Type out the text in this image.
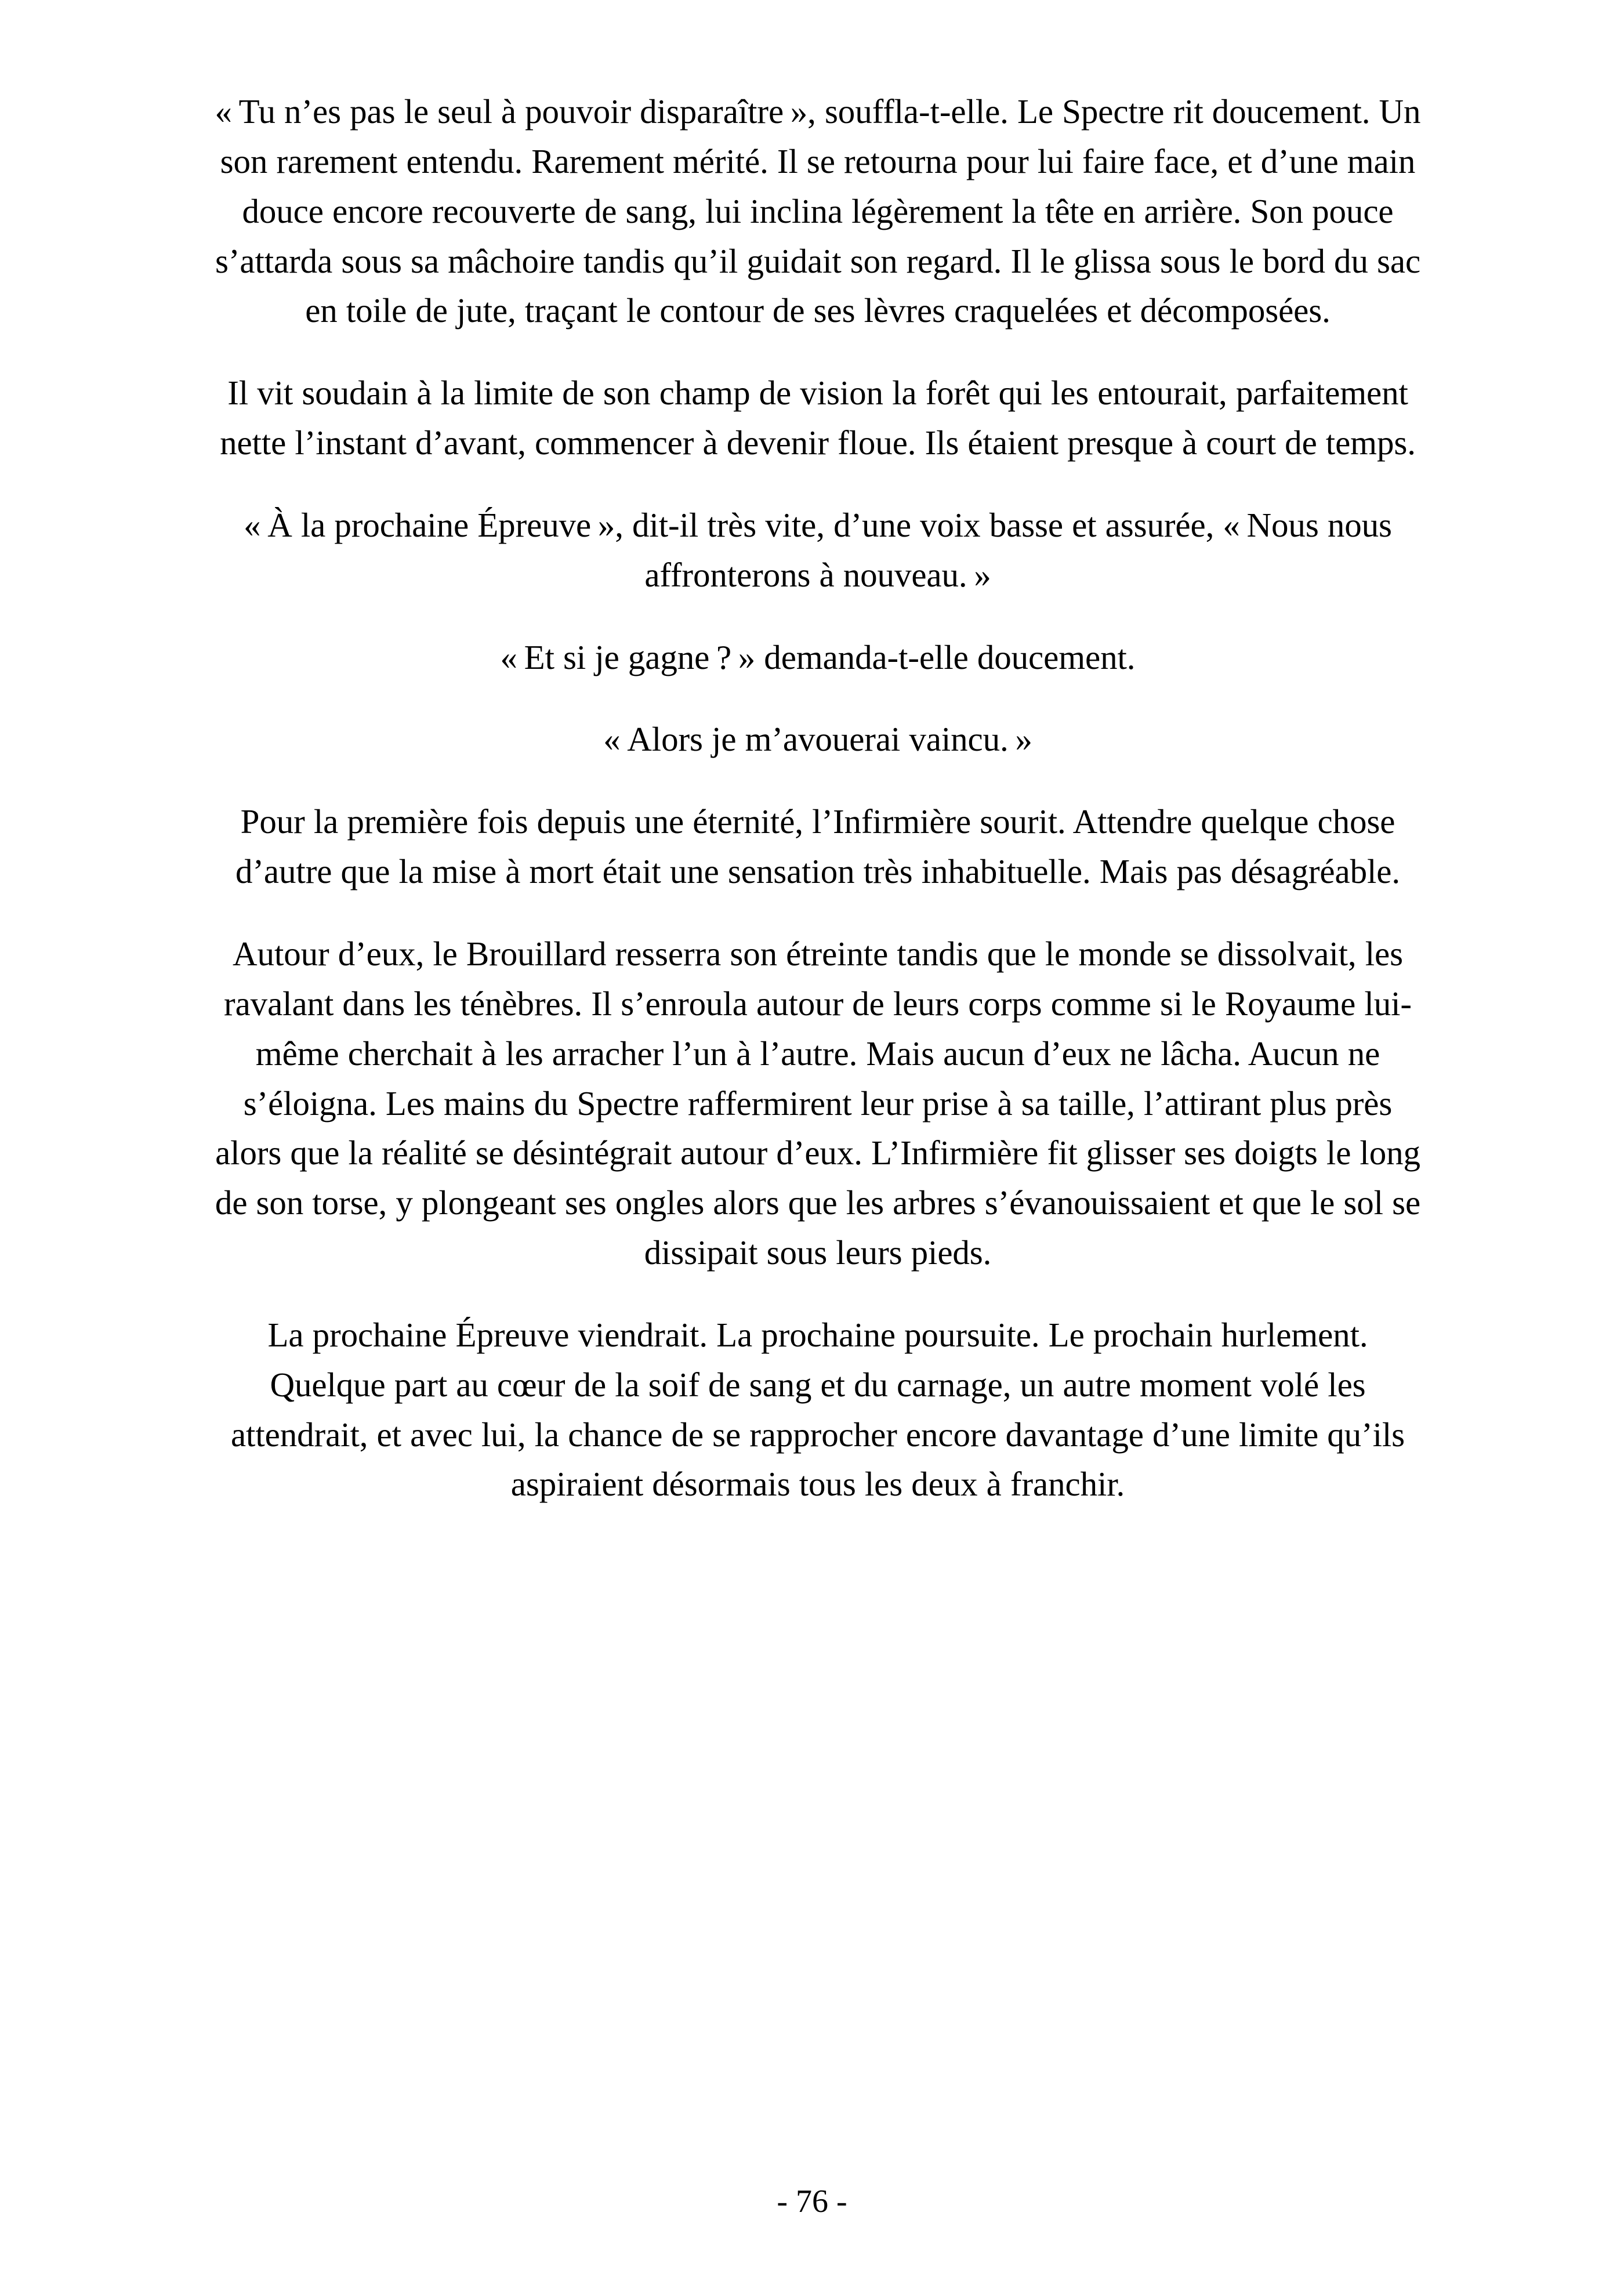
« Tu n’es pas le seul à pouvoir disparaître », souffla-t-elle. Le Spectre rit doucement. Un son rarement entendu. Rarement mérité. Il se retourna pour lui faire face, et d’une main douce encore recouverte de sang, lui inclina légèrement la tête en arrière. Son pouce s’attarda sous sa mâchoire tandis qu’il guidait son regard. Il le glissa sous le bord du sac en toile de jute, traçant le contour de ses lèvres craquelées et décomposées.

Il vit soudain à la limite de son champ de vision la forêt qui les entourait, parfaitement nette l’instant d’avant, commencer à devenir floue. Ils étaient presque à court de temps.

« À la prochaine Épreuve », dit-il très vite, d’une voix basse et assurée, « Nous nous affronterons à nouveau. »

« Et si je gagne ? » demanda-t-elle doucement.

« Alors je m’avouerai vaincu. »

Pour la première fois depuis une éternité, l’Infirmière sourit. Attendre quelque chose d’autre que la mise à mort était une sensation très inhabituelle. Mais pas désagréable.

Autour d’eux, le Brouillard resserra son étreinte tandis que le monde se dissolvait, les ravalant dans les ténèbres. Il s’enroula autour de leurs corps comme si le Royaume lui-même cherchait à les arracher l’un à l’autre. Mais aucun d’eux ne lâcha. Aucun ne s’éloigna. Les mains du Spectre raffermirent leur prise à sa taille, l’attirant plus près alors que la réalité se désintégrait autour d’eux. L’Infirmière fit glisser ses doigts le long de son torse, y plongeant ses ongles alors que les arbres s’évanouissaient et que le sol se dissipait sous leurs pieds.

La prochaine Épreuve viendrait. La prochaine poursuite. Le prochain hurlement. Quelque part au cœur de la soif de sang et du carnage, un autre moment volé les attendrait, et avec lui, la chance de se rapprocher encore davantage d’une limite qu’ils aspiraient désormais tous les deux à franchir.

- 76 -
